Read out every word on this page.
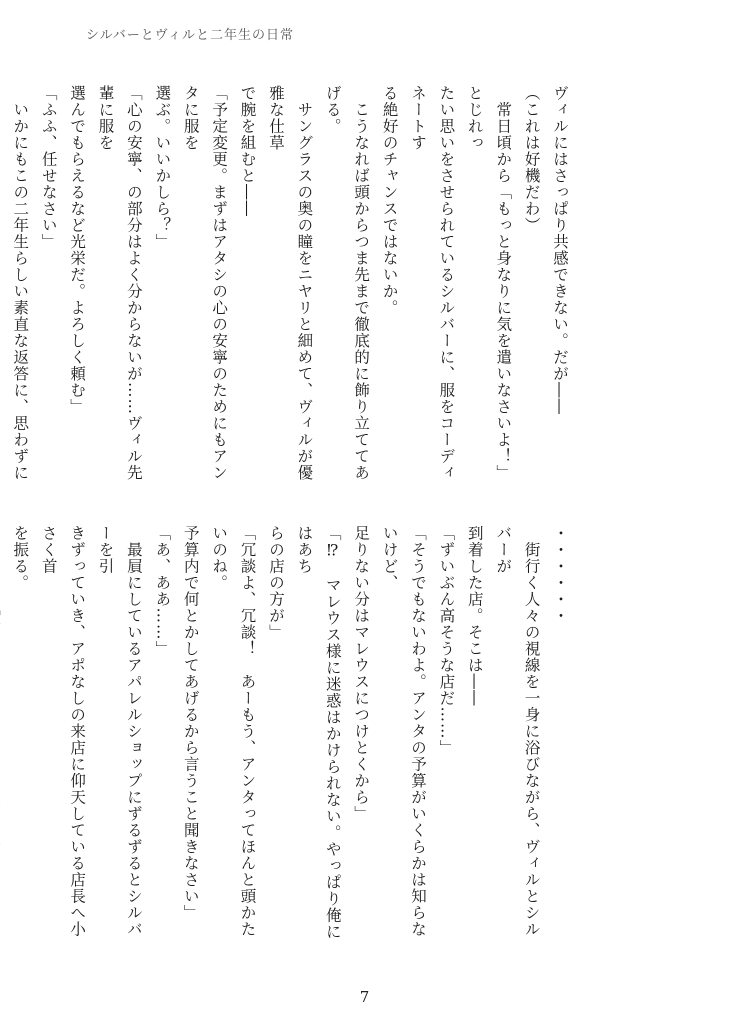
シルバーとヴィルと二年生の日常
ヴィルにはさっぱり共感できない。だが――
（これは好機だわ）
　常日頃から「もっと身なりに気を遣いなさいよ！」とじれっ
たい思いをさせられているシルバーに、服をコーディネートす
る絶好のチャンスではないか。
　こうなれば頭からつま先まで徹底的に飾り立ててあげる。
　サングラスの奥の瞳をニヤリと細めて、ヴィルが優雅な仕草
で腕を組むと――
「予定変更。まずはアタシの心の安寧のためにもアンタに服を
選ぶ。いいかしら？」
「心の安寧、の部分はよく分からないが……ヴィル先輩に服を
選んでもらえるなど光栄だ。よろしく頼む」
「ふふ、任せなさい」
　いかにもこの二年生らしい素直な返答に、思わずに
・・・・・・
　街行く人々の視線を一身に浴びながら、ヴィルとシルバーが
到着した店。そこは――
「ずいぶん高そうな店だ……」
「そうでもないわよ。アンタの予算がいくらかは知らないけど、
足りない分はマレウスにつけとくから」
「⁉︎　マレウス様に迷惑はかけられない。やっぱり俺にはあち
らの店の方が」
「冗談よ、冗談！　あーもう、アンタってほんと頭かたいのね。
予算内で何とかしてあげるから言うこと聞きなさい」
「あ、ああ……」
　最屓にしているアパレルショップにずるずるとシルバーを引
きずっていき、アポなしの来店に仰天している店長へ小さく首
を振る。
7
